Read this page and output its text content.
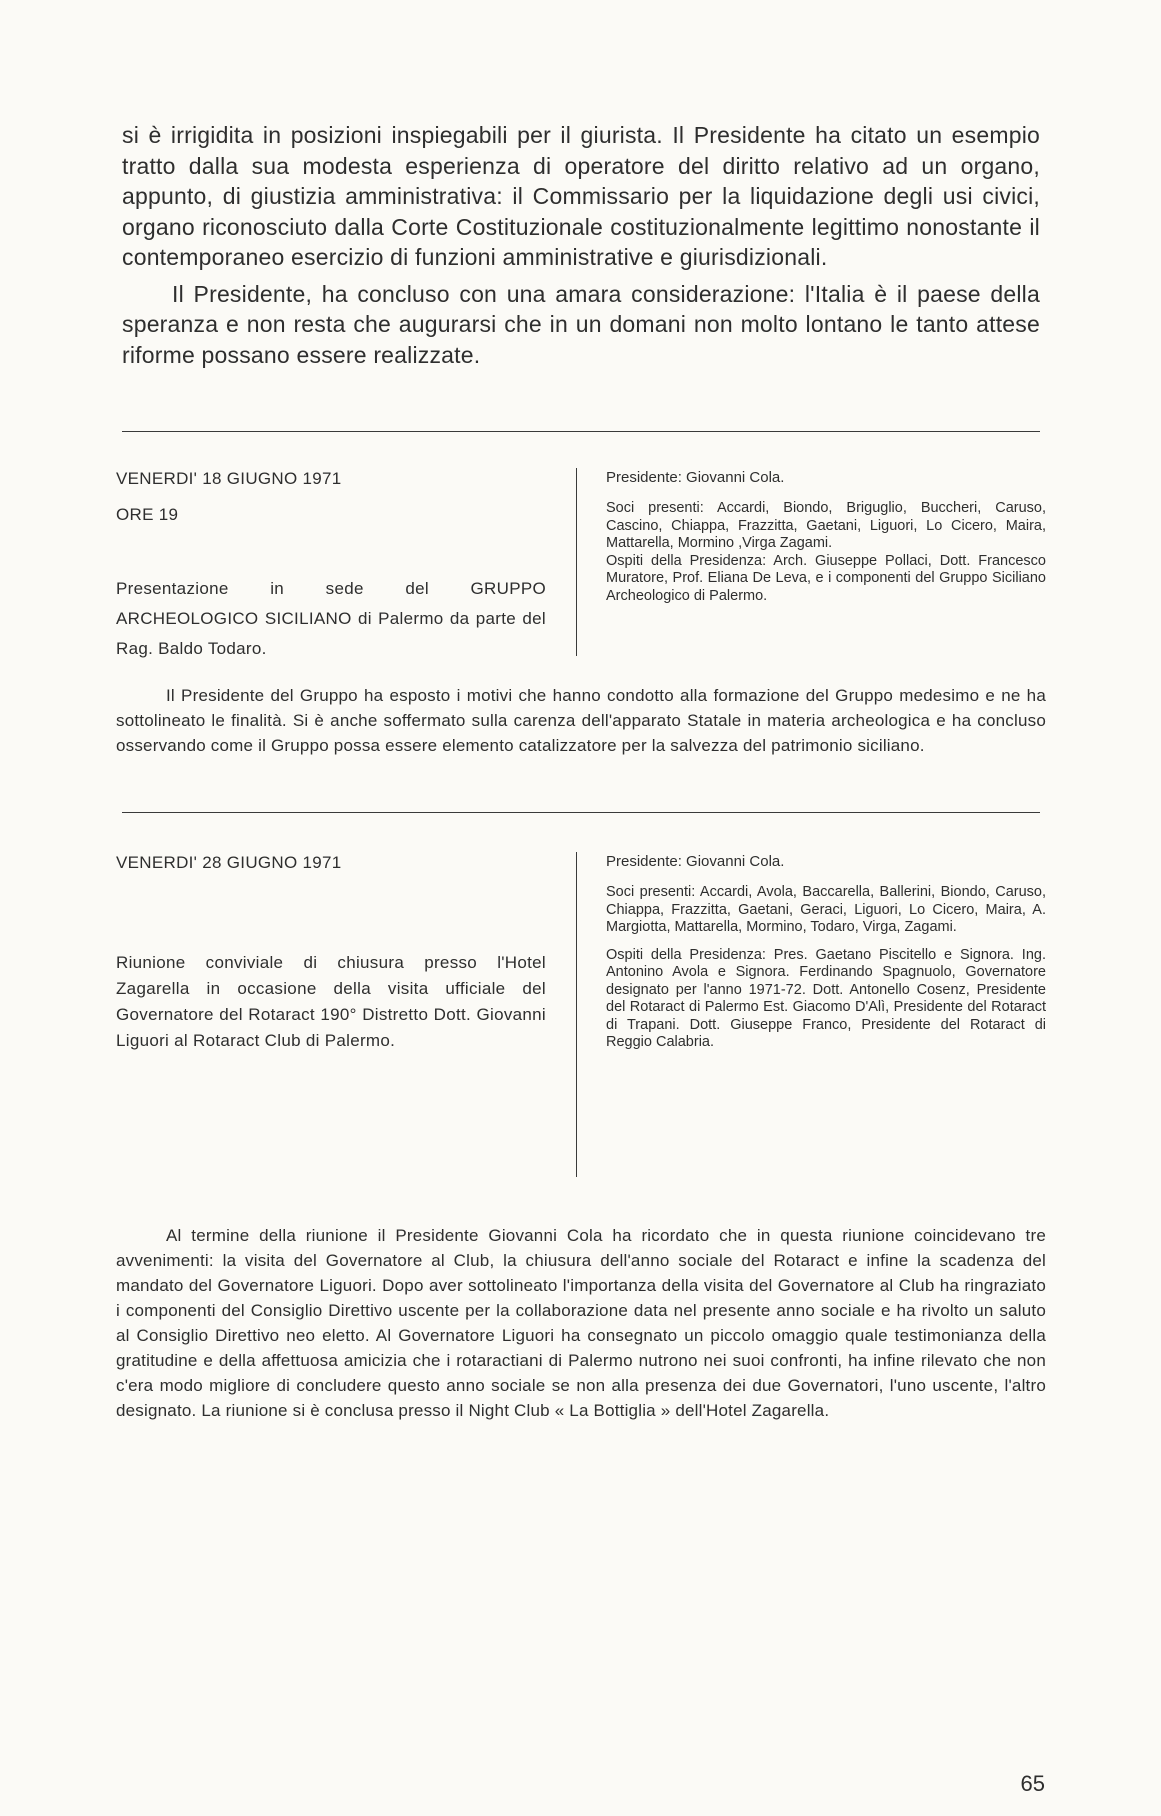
si è irrigidita in posizioni inspiegabili per il giurista. Il Presidente ha citato un esempio tratto dalla sua modesta esperienza di operatore del diritto relativo ad un organo, appunto, di giustizia amministrativa: il Commissario per la liquidazione degli usi civici, organo riconosciuto dalla Corte Costituzionale costituzionalmente legittimo nonostante il contemporaneo esercizio di funzioni amministrative e giurisdizionali.

Il Presidente, ha concluso con una amara considerazione: l'Italia è il paese della speranza e non resta che augurarsi che in un domani non molto lontano le tanto attese riforme possano essere realizzate.

VENERDI' 18 GIUGNO 1971

ORE 19

Presentazione in sede del GRUPPO ARCHEOLOGICO SICILIANO di Palermo da parte del Rag. Baldo Todaro.

Presidente: Giovanni Cola.

Soci presenti: Accardi, Biondo, Briguglio, Buccheri, Caruso, Cascino, Chiappa, Frazzitta, Gaetani, Liguori, Lo Cicero, Maira, Mattarella, Mormino ,Virga Zagami.

Ospiti della Presidenza: Arch. Giuseppe Pollaci, Dott. Francesco Muratore, Prof. Eliana De Leva, e i componenti del Gruppo Siciliano Archeologico di Palermo.

Il Presidente del Gruppo ha esposto i motivi che hanno condotto alla formazione del Gruppo medesimo e ne ha sottolineato le finalità. Si è anche soffermato sulla carenza dell'apparato Statale in materia archeologica e ha concluso osservando come il Gruppo possa essere elemento catalizzatore per la salvezza del patrimonio siciliano.

VENERDI' 28 GIUGNO 1971

Riunione conviviale di chiusura presso l'Hotel Zagarella in occasione della visita ufficiale del Governatore del Rotaract 190° Distretto Dott. Giovanni Liguori al Rotaract Club di Palermo.

Presidente: Giovanni Cola.

Soci presenti: Accardi, Avola, Baccarella, Ballerini, Biondo, Caruso, Chiappa, Frazzitta, Gaetani, Geraci, Liguori, Lo Cicero, Maira, A. Margiotta, Mattarella, Mormino, Todaro, Virga, Zagami.

Ospiti della Presidenza: Pres. Gaetano Piscitello e Signora. Ing. Antonino Avola e Signora. Ferdinando Spagnuolo, Governatore designato per l'anno 1971-72. Dott. Antonello Cosenz, Presidente del Rotaract di Palermo Est. Giacomo D'Alì, Presidente del Rotaract di Trapani. Dott. Giuseppe Franco, Presidente del Rotaract di Reggio Calabria.

Al termine della riunione il Presidente Giovanni Cola ha ricordato che in questa riunione coincidevano tre avvenimenti: la visita del Governatore al Club, la chiusura dell'anno sociale del Rotaract e infine la scadenza del mandato del Governatore Liguori. Dopo aver sottolineato l'importanza della visita del Governatore al Club ha ringraziato i componenti del Consiglio Direttivo uscente per la collaborazione data nel presente anno sociale e ha rivolto un saluto al Consiglio Direttivo neo eletto. Al Governatore Liguori ha consegnato un piccolo omaggio quale testimonianza della gratitudine e della affettuosa amicizia che i rotaractiani di Palermo nutrono nei suoi confronti, ha infine rilevato che non c'era modo migliore di concludere questo anno sociale se non alla presenza dei due Governatori, l'uno uscente, l'altro designato. La riunione si è conclusa presso il Night Club « La Bottiglia » dell'Hotel Zagarella.

65
